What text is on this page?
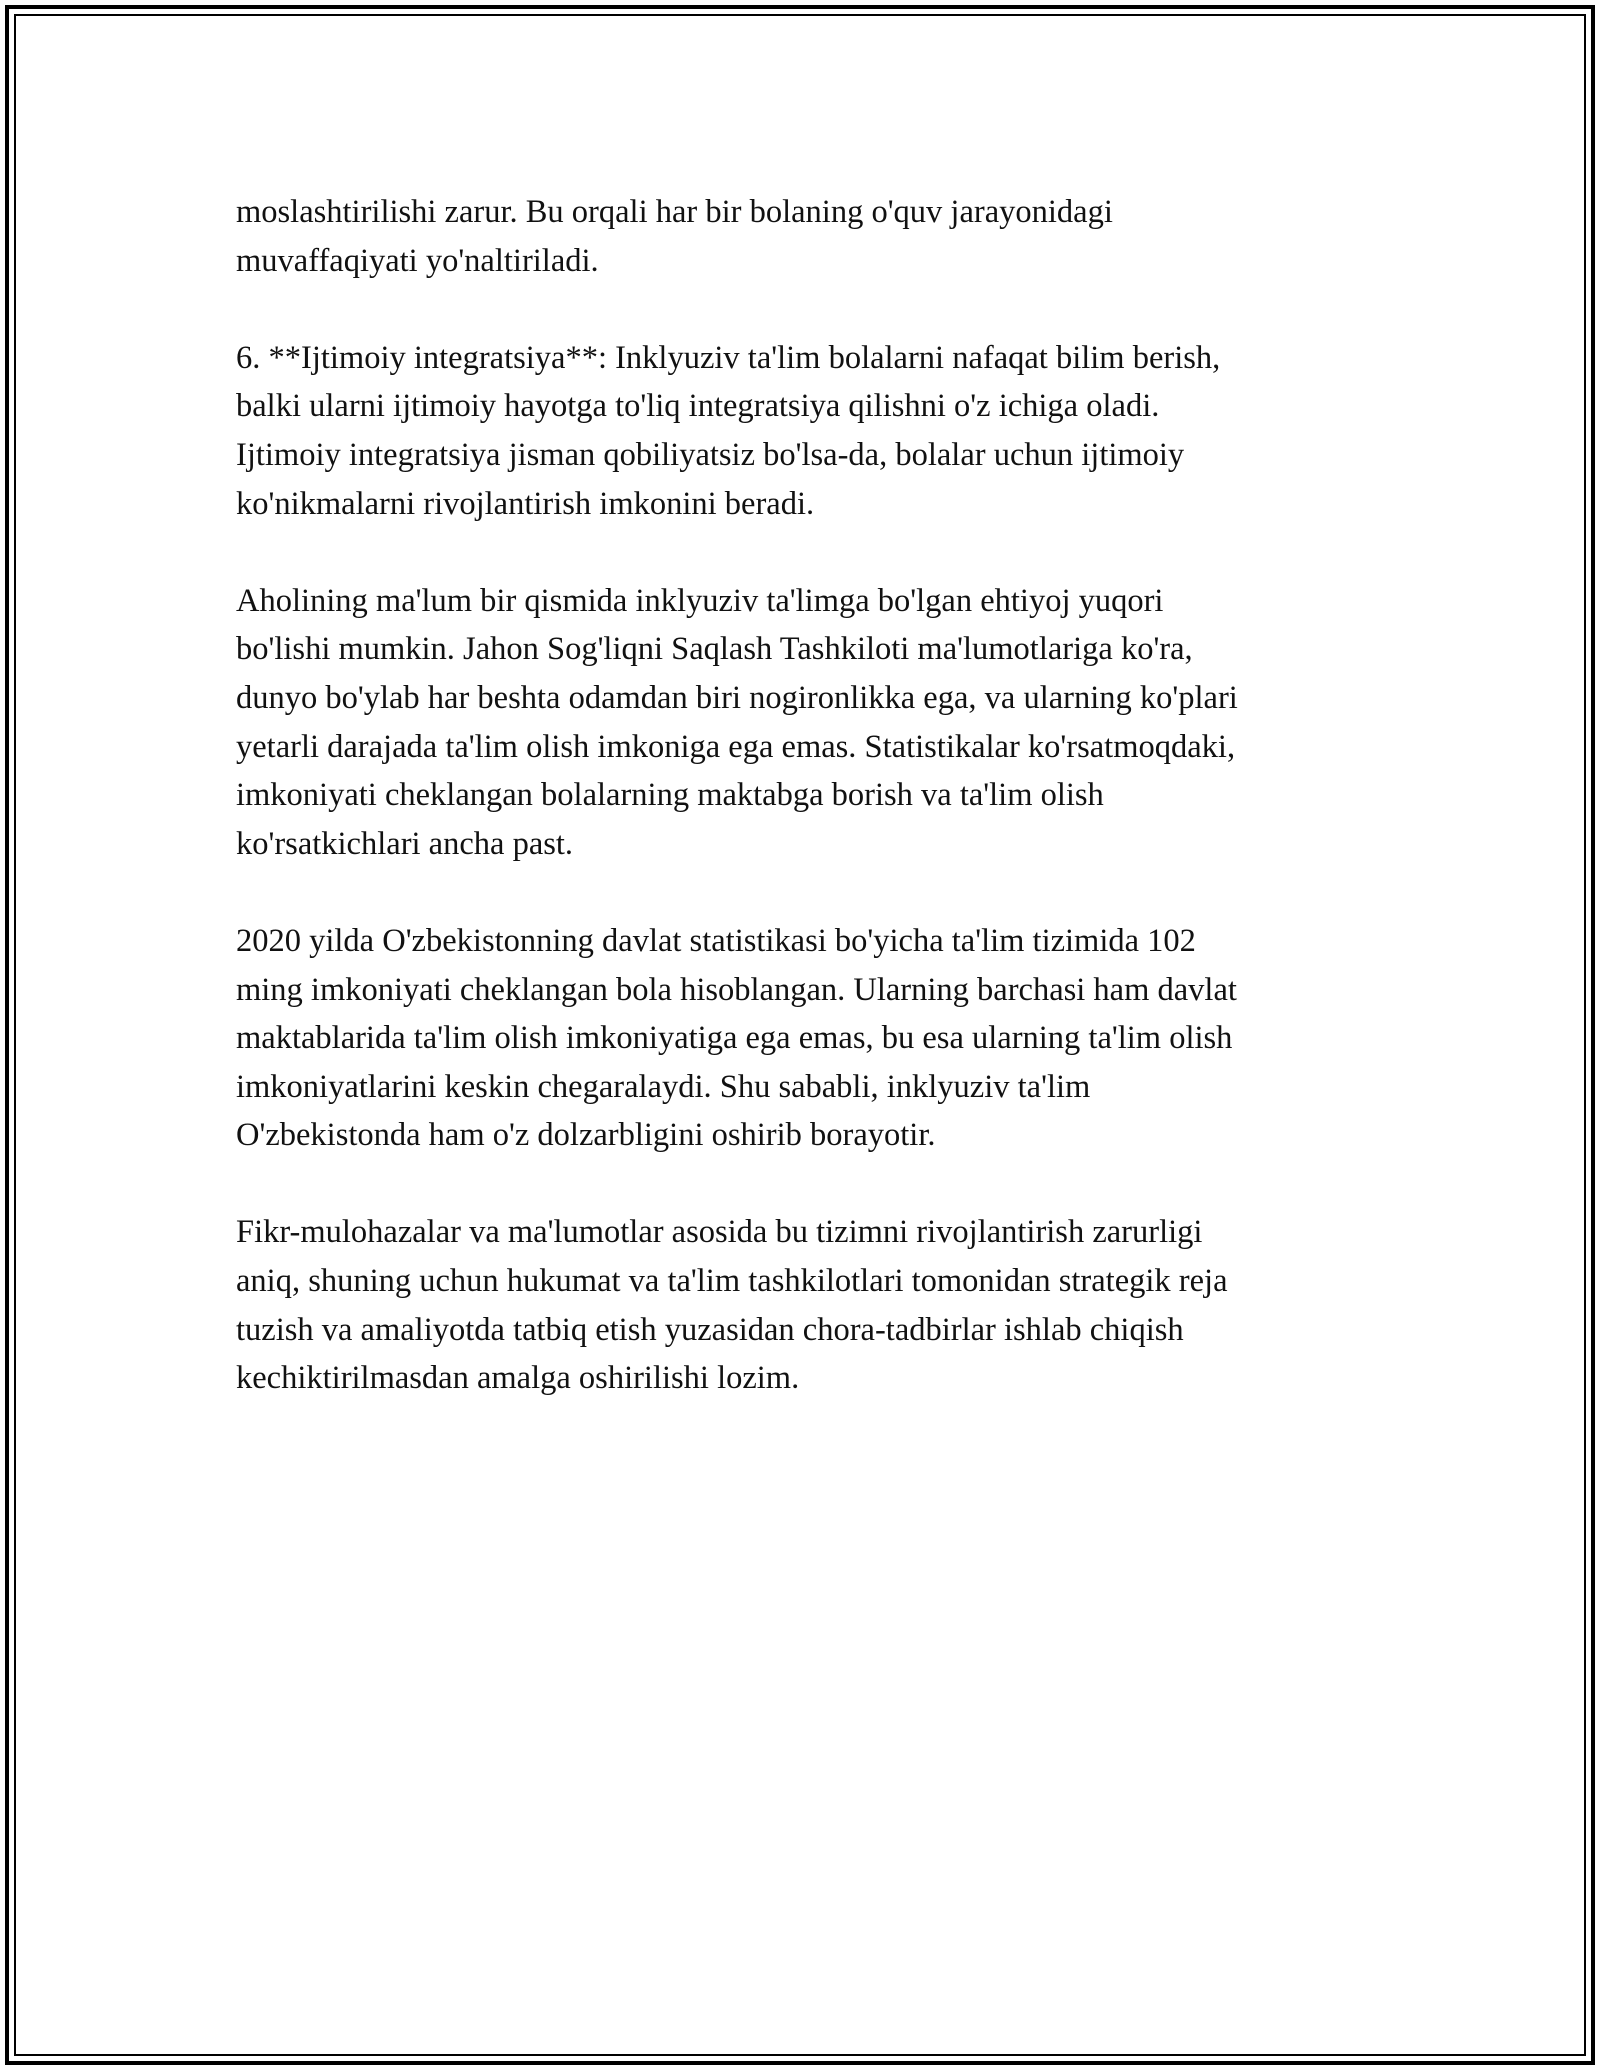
moslashtirilishi zarur. Bu orqali har bir bolaning o'quv jarayonidagi
muvaffaqiyati yo'naltiriladi.

6. **Ijtimoiy integratsiya**: Inklyuziv ta'lim bolalarni nafaqat bilim berish,
balki ularni ijtimoiy hayotga to'liq integratsiya qilishni o'z ichiga oladi.
Ijtimoiy integratsiya jisman qobiliyatsiz bo'lsa-da, bolalar uchun ijtimoiy
ko'nikmalarni rivojlantirish imkonini beradi.

Aholining ma'lum bir qismida inklyuziv ta'limga bo'lgan ehtiyoj yuqori
bo'lishi mumkin. Jahon Sog'liqni Saqlash Tashkiloti ma'lumotlariga ko'ra,
dunyo bo'ylab har beshta odamdan biri nogironlikka ega, va ularning ko'plari
yetarli darajada ta'lim olish imkoniga ega emas. Statistikalar ko'rsatmoqdaki,
imkoniyati cheklangan bolalarning maktabga borish va ta'lim olish
ko'rsatkichlari ancha past.

2020 yilda O'zbekistonning davlat statistikasi bo'yicha ta'lim tizimida 102
ming imkoniyati cheklangan bola hisoblangan. Ularning barchasi ham davlat
maktablarida ta'lim olish imkoniyatiga ega emas, bu esa ularning ta'lim olish
imkoniyatlarini keskin chegaralaydi. Shu sababli, inklyuziv ta'lim
O'zbekistonda ham o'z dolzarbligini oshirib borayotir.

Fikr-mulohazalar va ma'lumotlar asosida bu tizimni rivojlantirish zarurligi
aniq, shuning uchun hukumat va ta'lim tashkilotlari tomonidan strategik reja
tuzish va amaliyotda tatbiq etish yuzasidan chora-tadbirlar ishlab chiqish
kechiktirilmasdan amalga oshirilishi lozim.
